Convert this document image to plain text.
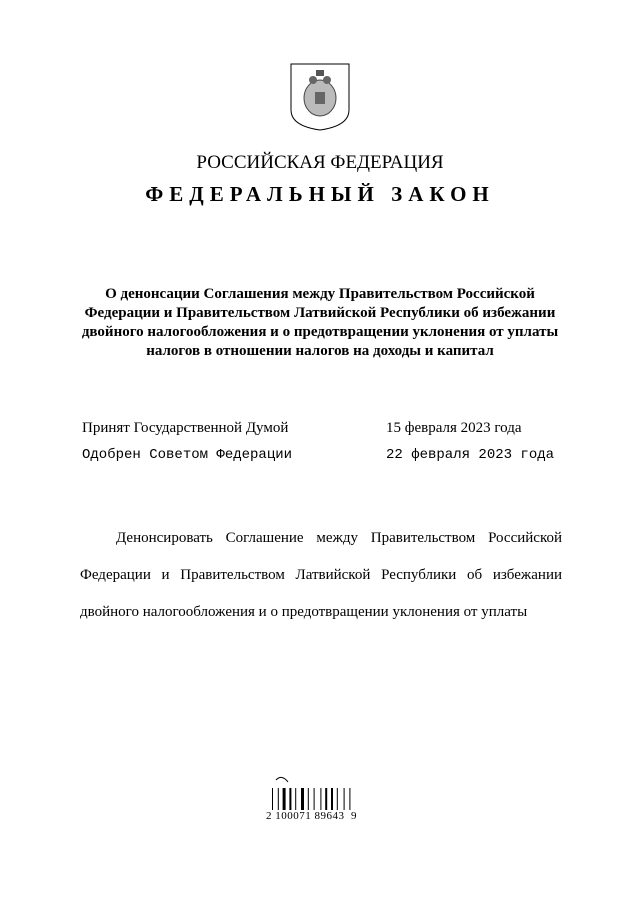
РОССИЙСКАЯ ФЕДЕРАЦИЯ
ФЕДЕРАЛЬНЫЙ ЗАКОН
О денонсации Соглашения между Правительством Российской Федерации и Правительством Латвийской Республики об избежании двойного налогообложения и о предотвращении уклонения от уплаты налогов в отношении налогов на доходы и капитал
Принят Государственной Думой	15 февраля 2023 года
Одобрен Советом Федерации	22 февраля 2023 года
Денонсировать Соглашение между Правительством Российской Федерации и Правительством Латвийской Республики об избежании двойного налогообложения и о предотвращении уклонения от уплаты
2 100071 89643  9
